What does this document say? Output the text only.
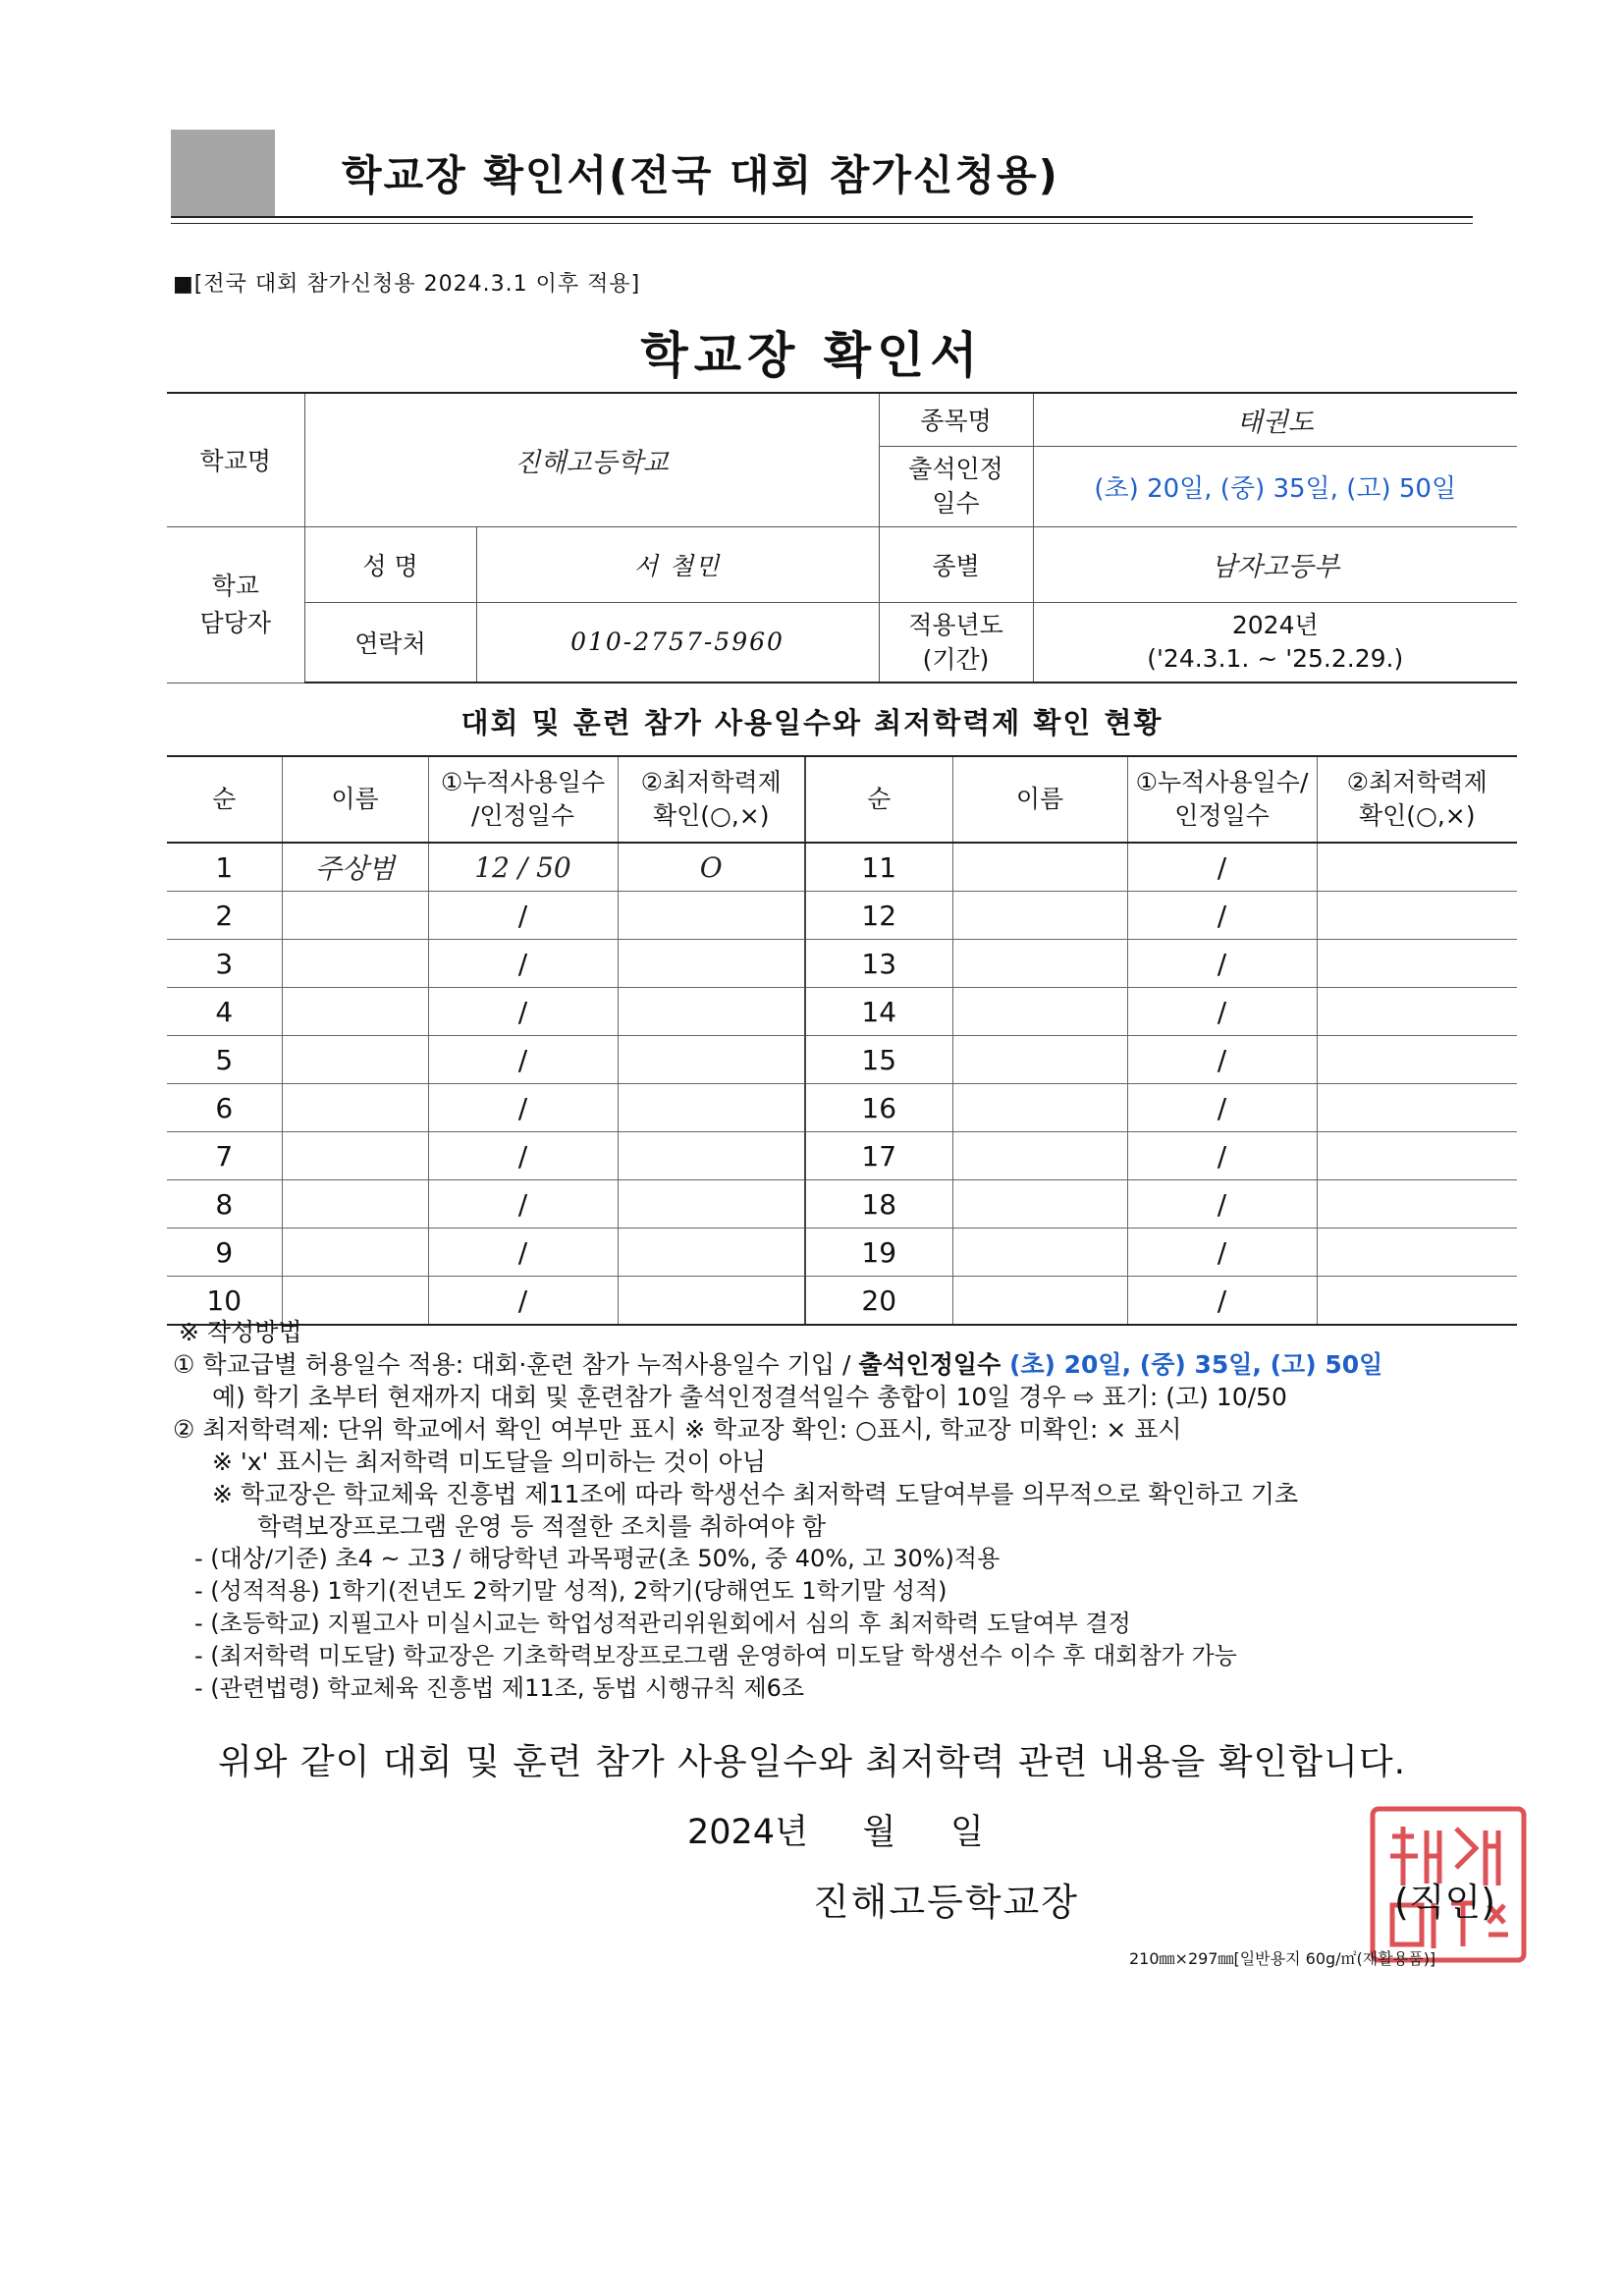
학교장 확인서(전국 대회 참가신청용)
■[전국 대회 참가신청용 2024.3.1 이후 적용]
학교장 확인서
학교명	진해고등학교		종목명	태권도

			출석인정일수	(초) 20일, (중) 35일, (고) 50일

학교 담당자	성 명	서 철민	종별	남자고등부
	연락처	010-2757-5960	적용년도 (기간)	2024년
('24.3.1. ~ '25.2.29.)
대회 및 훈련 참가 사용일수와 최저학력제 확인 현황
순	이름	①누적사용일수 /인정일수	②최저학력제 확인(○,×)	순	이름	①누적사용일수/ 인정일수	②최저학력제 확인(○,×)

1	주상범	12 / 50	O	11		/	
2		/		12		/	
3		/		13		/	
4		/		14		/	
5		/		15		/	
6		/		16		/	
7		/		17		/	
8		/		18		/	
9		/		19		/	
10		/		20		/	
※ 작성방법
① 학교급별 허용일수 적용: 대회·훈련 참가 누적사용일수 기입 / 출석인정일수 (초) 20일, (중) 35일, (고) 50일
예) 학기 초부터 현재까지 대회 및 훈련참가 출석인정결석일수 총합이 10일 경우 ⇨ 표기: (고) 10/50
② 최저학력제: 단위 학교에서 확인 여부만 표시 ※ 학교장 확인: ○표시, 학교장 미확인: × 표시
※ 'x' 표시는 최저학력 미도달을 의미하는 것이 아님
※ 학교장은 학교체육 진흥법 제11조에 따라 학생선수 최저학력 도달여부를 의무적으로 확인하고 기초
학력보장프로그램 운영 등 적절한 조치를 취하여야 함
- (대상/기준) 초4 ~ 고3 / 해당학년 과목평균(초 50%, 중 40%, 고 30%)적용
- (성적적용) 1학기(전년도 2학기말 성적), 2학기(당해연도 1학기말 성적)
- (초등학교) 지필고사 미실시교는 학업성적관리위원회에서 심의 후 최저학력 도달여부 결정
- (최저학력 미도달) 학교장은 기초학력보장프로그램 운영하여 미도달 학생선수 이수 후 대회참가 가능
- (관련법령) 학교체육 진흥법 제11조, 동법 시행규칙 제6조
위와 같이 대회 및 훈련 참가 사용일수와 최저학력 관련 내용을 확인합니다.
2024년     월     일
진해고등학교장	(직인)
210㎜×297㎜[일반용지 60g/㎡(재활용품)]
